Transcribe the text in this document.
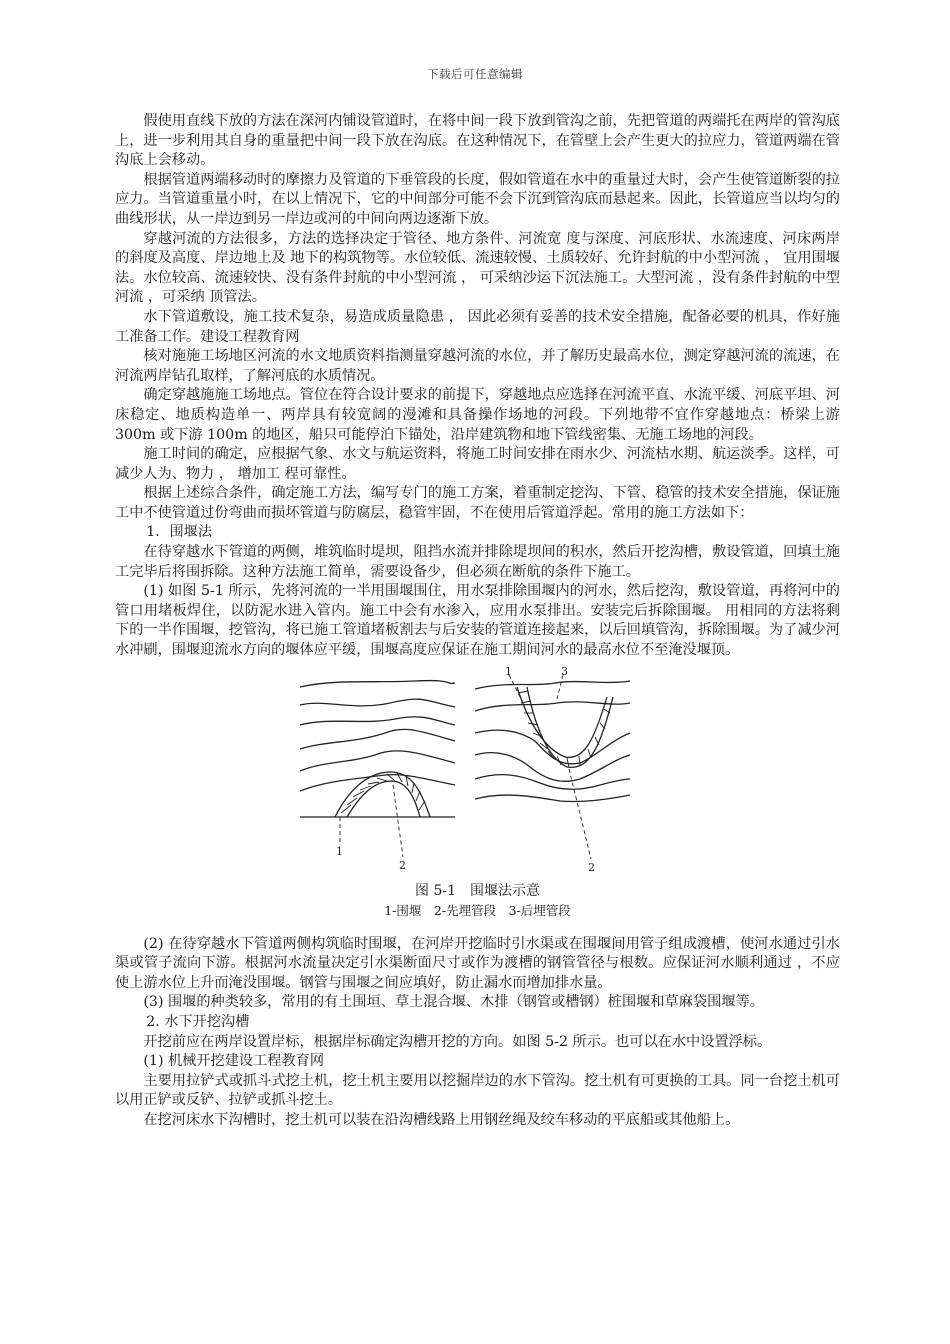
下载后可任意编辑

假使用直线下放的方法在深河内铺设管道时，在将中间一段下放到管沟之前，先把管道的两端托在两岸的管沟底上，进一步利用其自身的重量把中间一段下放在沟底。在这种情况下，在管壁上会产生更大的拉应力，管道两端在管沟底上会移动。

根据管道两端移动时的摩擦力及管道的下垂管段的长度，假如管道在水中的重量过大时，会产生使管道断裂的拉应力。当管道重量小时，在以上情况下，它的中间部分可能不会下沉到管沟底而悬起来。因此，长管道应当以均匀的曲线形状，从一岸边到另一岸边或河的中间向两边逐渐下放。

穿越河流的方法很多，方法的选择决定于管径、地方条件、河流宽 度与深度、河底形状、水流速度、河床两岸的斜度及高度、岸边地上及 地下的构筑物等。水位较低、流速较慢、土质较好、允许封航的中小型河流 ， 宜用围堰法。水位较高、流速较快、没有条件封航的中小型河流 ， 可采纳沙运下沉法施工。大型河流 ，没有条件封航的中型河流 ，可采纳 顶管法。

水下管道敷设，施工技术复杂，易造成质量隐患 ， 因此必须有妥善的技术安全措施，配备必要的机具，作好施工准备工作。建设工程教育网

核对施施工场地区河流的水文地质资料指测量穿越河流的水位，并了解历史最高水位，测定穿越河流的流速，在河流两岸钻孔取样，了解河底的水质情况。

确定穿越施施工场地点。管位在符合设计要求的前提下，穿越地点应选择在河流平直、水流平缓、河底平坦、河床稳定、地质构造单一、两岸具有较宽阔的漫滩和具备操作场地的河段。下列地带不宜作穿越地点：桥梁上游 300m 或下游 100m 的地区，船只可能停泊下锚处，沿岸建筑物和地下管线密集、无施工场地的河段。

施工时间的确定，应根据气象、水文与航运资料，将施工时间安排在雨水少、河流枯水期、航运淡季。这样，可减少人为、物力 ， 增加工 程可靠性。

根据上述综合条件，确定施工方法，编写专门的施工方案，着重制定挖沟、下管、稳管的技术安全措施，保证施工中不使管道过份弯曲而损坏管道与防腐层，稳管牢固，不在使用后管道浮起。常用的施工方法如下：

1．围堰法

在待穿越水下管道的两侧，堆筑临时堤坝，阻挡水流并排除堤坝间的积水，然后开挖沟槽，敷设管道，回填土施工完毕后将围拆除。这种方法施工简单，需要设备少，但必须在断航的条件下施工。

(1) 如图 5-1 所示，先将河流的一半用围堰围住，用水泵排除围堰内的河水，然后挖沟，敷设管道，再将河中的管口用堵板焊住，以防泥水进入管内。施工中会有水渗入，应用水泵排出。安装完后拆除围堰。 用相同的方法将剩下的一半作围堰，挖管沟，将已施工管道堵板割去与后安装的管道连接起来，以后回填管沟，拆除围堰。为了减少河水冲刷，围堰迎流水方向的堰体应平缓，围堰高度应保证在施工期间河水的最高水位不至淹没堰顶。

1
2
1	3
2
图 5-1　围堰法示意
1-围堰　2-先埋管段　3-后埋管段

(2) 在待穿越水下管道两侧构筑临时围堰，在河岸开挖临时引水渠或在围堰间用管子组成渡槽，使河水通过引水渠或管子流向下游。根据河水流量决定引水渠断面尺寸或作为渡槽的钢管管径与根数。应保证河水顺利通过 ，不应使上游水位上升而淹没围堰。钢管与围堰之间应填好，防止漏水而增加排水量。

(3) 围堰的种类较多，常用的有土围垣、草土混合堰、木排（钢管或槽钢）桩围堰和草麻袋围堰等。

2. 水下开挖沟槽

开挖前应在两岸设置岸标，根据岸标确定沟槽开挖的方向。如图 5-2 所示。也可以在水中设置浮标。

(1) 机械开挖建设工程教育网

主要用拉铲式或抓斗式挖土机，挖土机主要用以挖掘岸边的水下管沟。挖土机有可更换的工具。同一台挖土机可以用正铲或反铲、拉铲或抓斗挖土。

在挖河床水下沟槽时，挖土机可以装在沿沟槽线路上用钢丝绳及绞车移动的平底船或其他船上。
